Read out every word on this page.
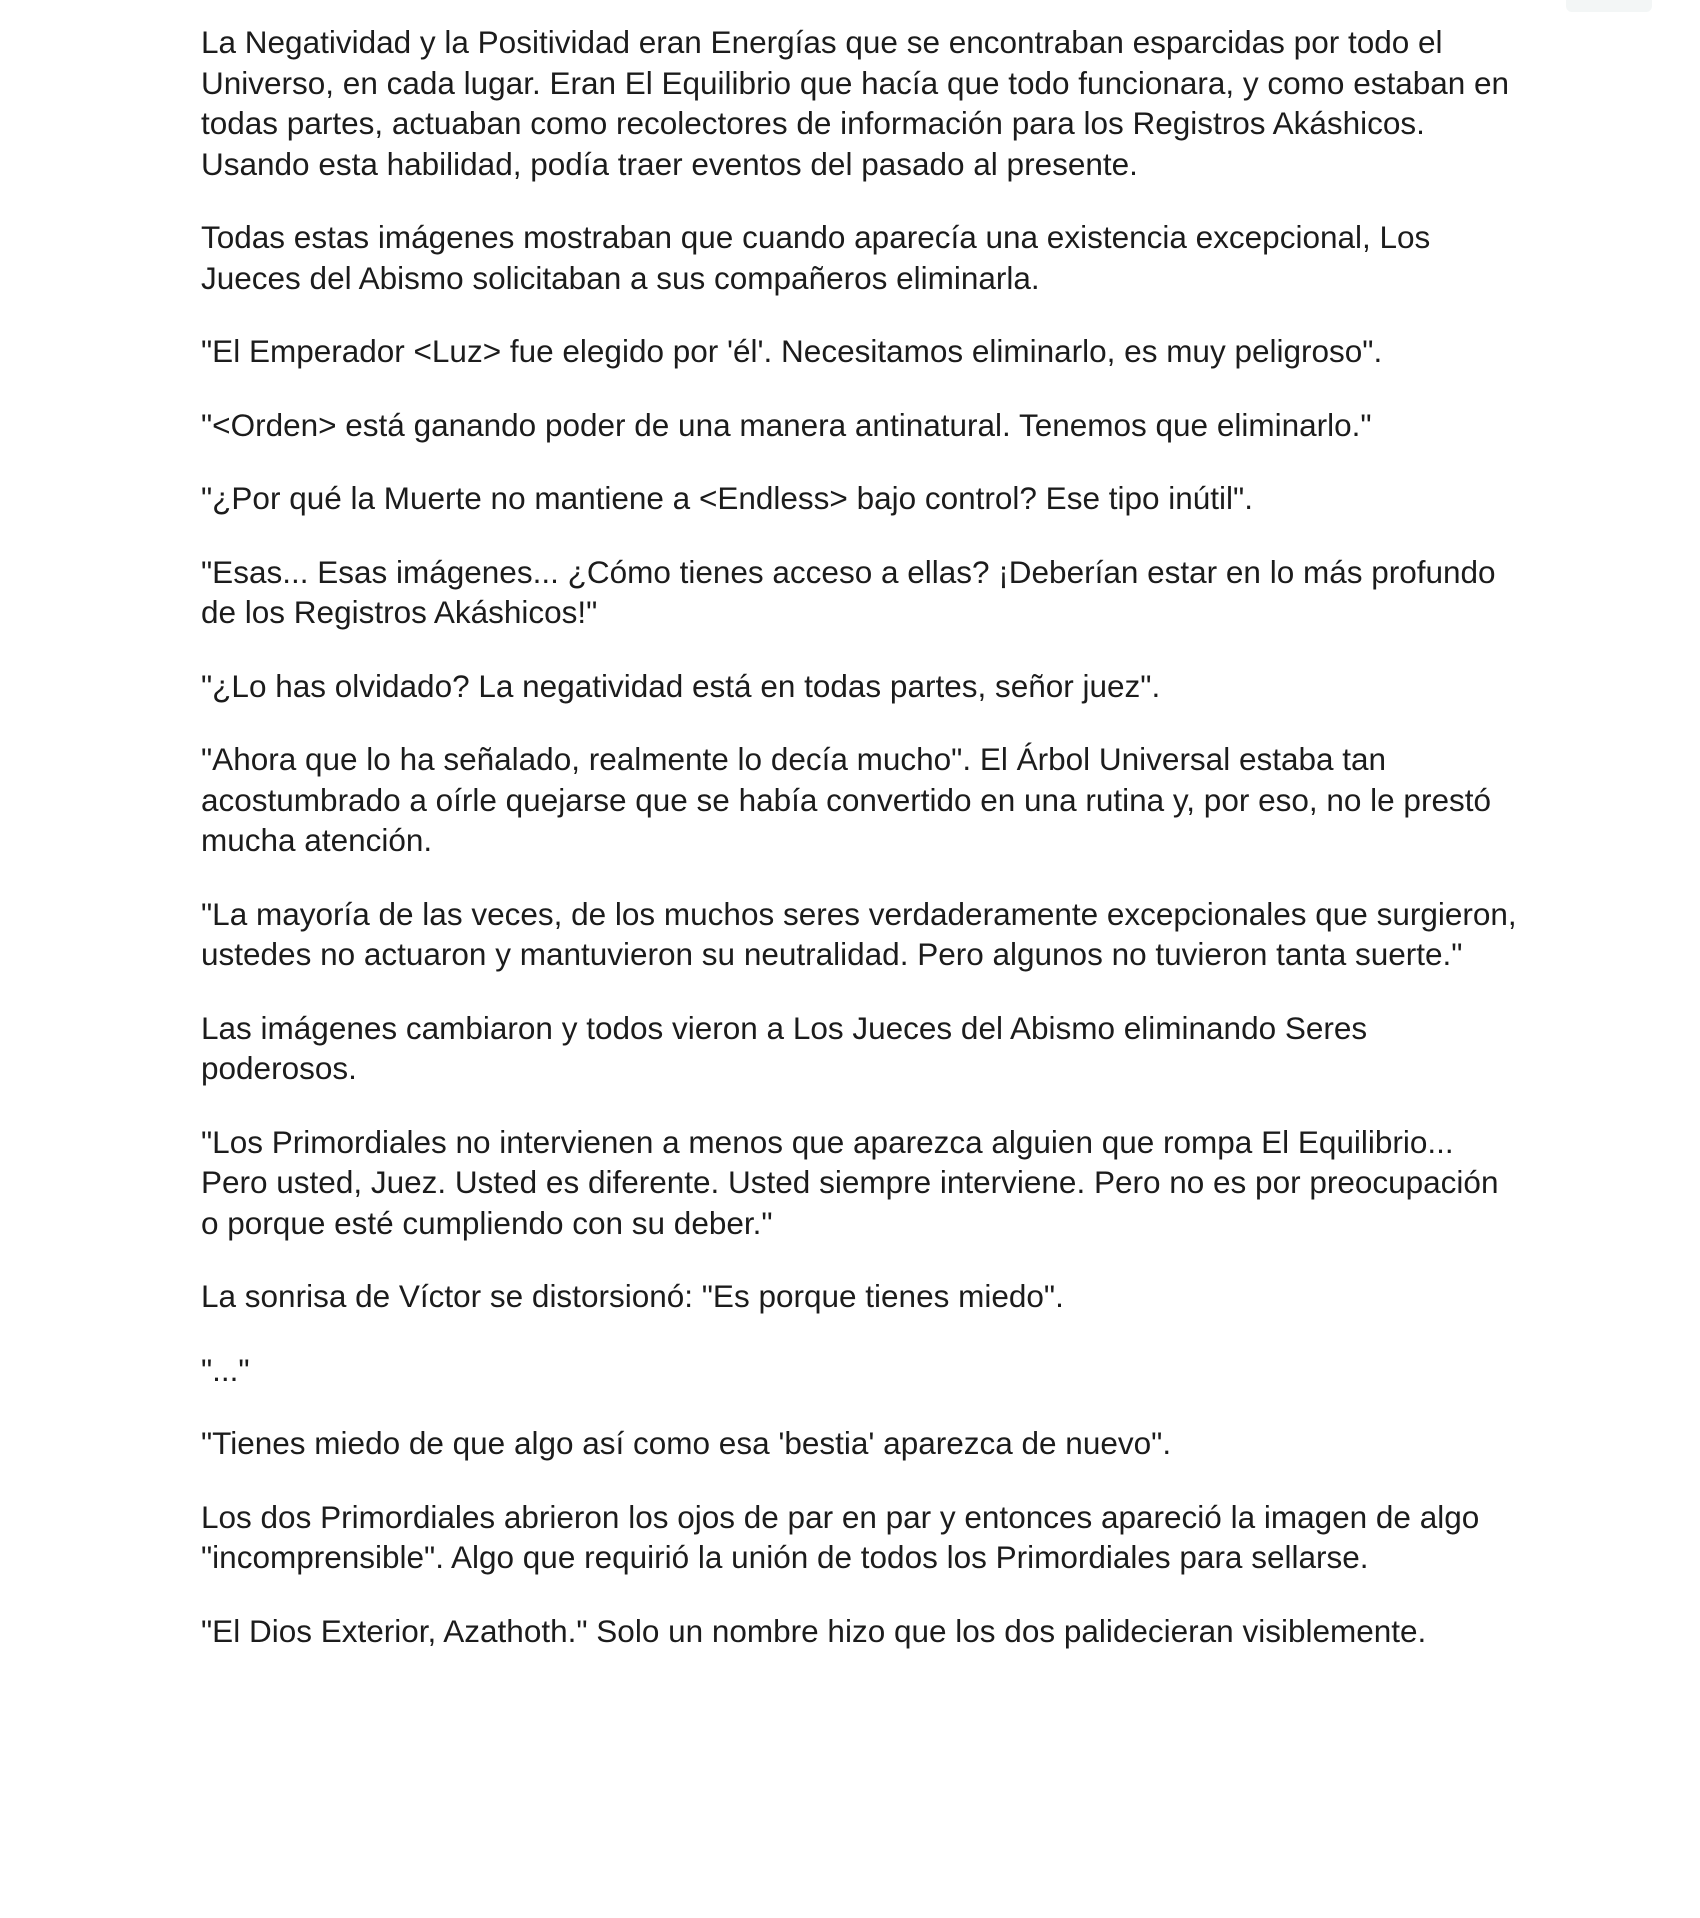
La Negatividad y la Positividad eran Energías que se encontraban esparcidas por todo el Universo, en cada lugar. Eran El Equilibrio que hacía que todo funcionara, y como estaban en todas partes, actuaban como recolectores de información para los Registros Akáshicos. Usando esta habilidad, podía traer eventos del pasado al presente.

Todas estas imágenes mostraban que cuando aparecía una existencia excepcional, Los Jueces del Abismo solicitaban a sus compañeros eliminarla.

"El Emperador <Luz> fue elegido por 'él'. Necesitamos eliminarlo, es muy peligroso".

"<Orden> está ganando poder de una manera antinatural. Tenemos que eliminarlo."

"¿Por qué la Muerte no mantiene a <Endless> bajo control? Ese tipo inútil".

"Esas... Esas imágenes... ¿Cómo tienes acceso a ellas? ¡Deberían estar en lo más profundo de los Registros Akáshicos!"

"¿Lo has olvidado? La negatividad está en todas partes, señor juez".

"Ahora que lo ha señalado, realmente lo decía mucho". El Árbol Universal estaba tan acostumbrado a oírle quejarse que se había convertido en una rutina y, por eso, no le prestó mucha atención.

"La mayoría de las veces, de los muchos seres verdaderamente excepcionales que surgieron, ustedes no actuaron y mantuvieron su neutralidad. Pero algunos no tuvieron tanta suerte."

Las imágenes cambiaron y todos vieron a Los Jueces del Abismo eliminando Seres poderosos.

"Los Primordiales no intervienen a menos que aparezca alguien que rompa El Equilibrio... Pero usted, Juez. Usted es diferente. Usted siempre interviene. Pero no es por preocupación o porque esté cumpliendo con su deber."

La sonrisa de Víctor se distorsionó: "Es porque tienes miedo".

"..."

"Tienes miedo de que algo así como esa 'bestia' aparezca de nuevo".

Los dos Primordiales abrieron los ojos de par en par y entonces apareció la imagen de algo "incomprensible". Algo que requirió la unión de todos los Primordiales para sellarse.

"El Dios Exterior, Azathoth." Solo un nombre hizo que los dos palidecieran visiblemente.
